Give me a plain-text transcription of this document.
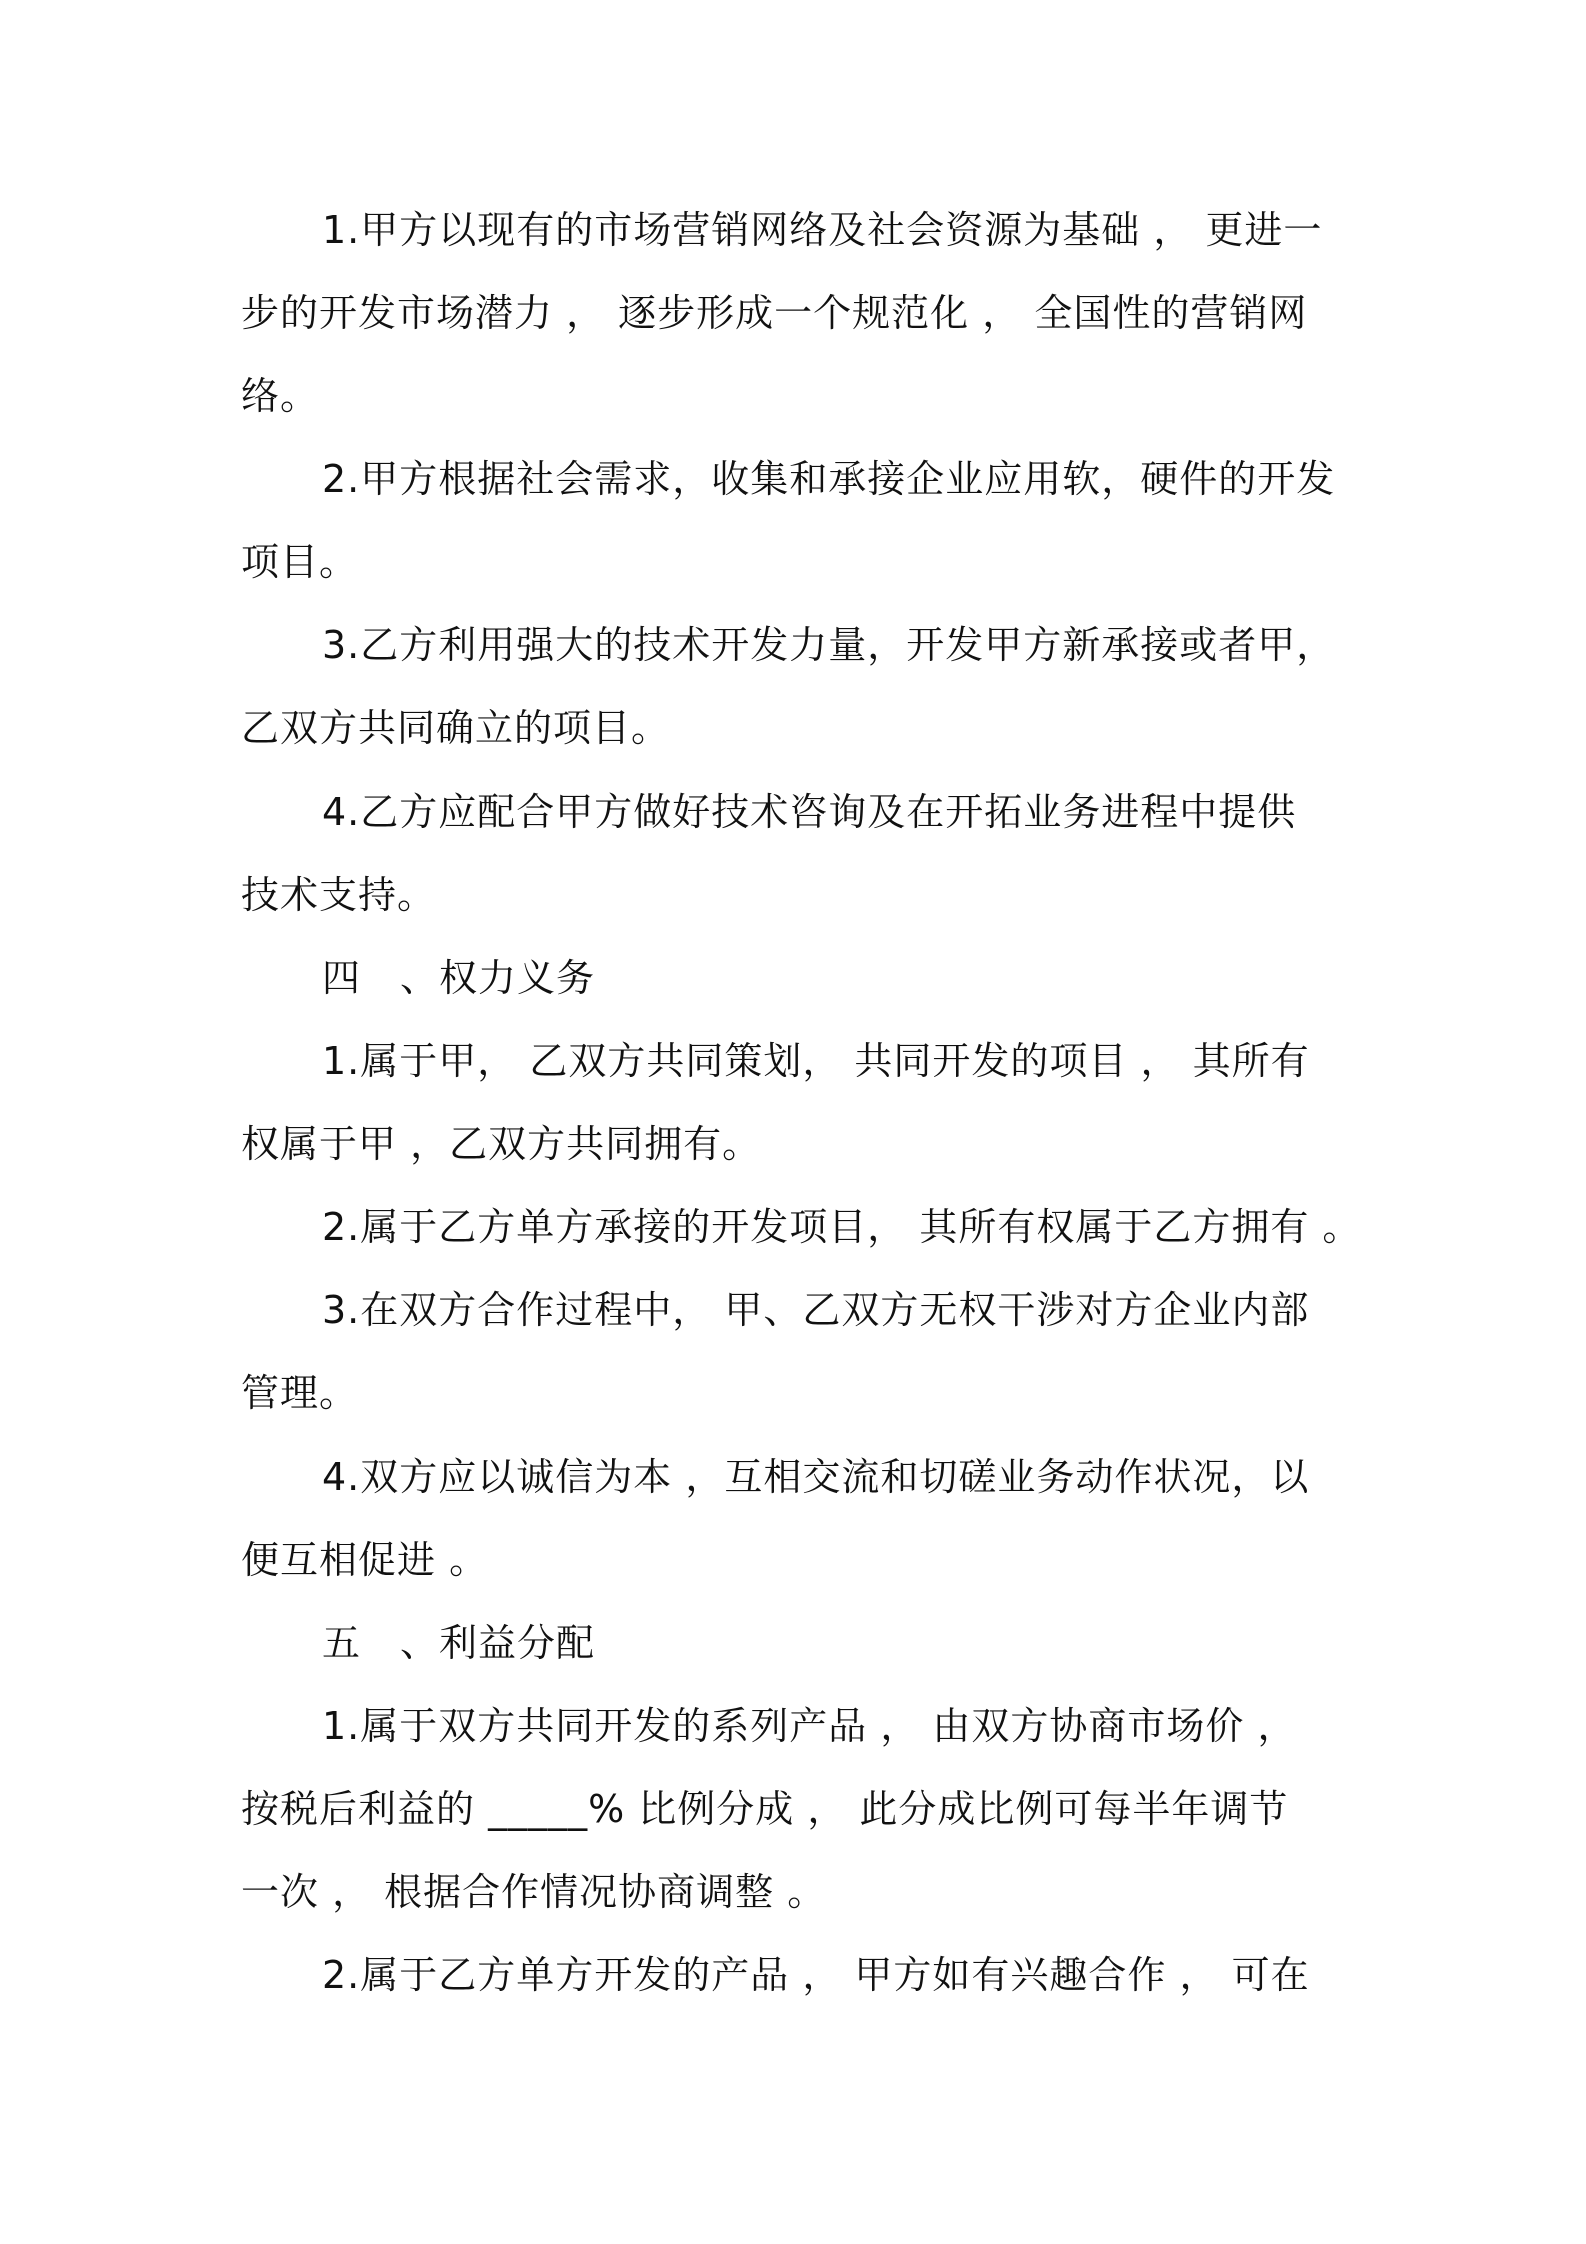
1.甲方以现有的市场营销网络及社会资源为基础 ， 更进一
步的开发市场潜力 ， 逐步形成一个规范化 ， 全国性的营销网
络。
2.甲方根据社会需求，收集和承接企业应用软，硬件的开发
项目。
3.乙方利用强大的技术开发力量，开发甲方新承接或者甲，
乙双方共同确立的项目。
4.乙方应配合甲方做好技术咨询及在开拓业务进程中提供
技术支持。
四　、权力义务
1.属于甲， 乙双方共同策划， 共同开发的项目 ， 其所有
权属于甲 ，乙双方共同拥有。
2.属于乙方单方承接的开发项目， 其所有权属于乙方拥有 。
3.在双方合作过程中， 甲、乙双方无权干涉对方企业内部
管理。
4.双方应以诚信为本 ，互相交流和切磋业务动作状况，以
便互相促进 。
五　、利益分配
1.属于双方共同开发的系列产品 ， 由双方协商市场价 ，
按税后利益的 _____% 比例分成 ， 此分成比例可每半年调节
一次 ， 根据合作情况协商调整 。
2.属于乙方单方开发的产品 ， 甲方如有兴趣合作 ， 可在
